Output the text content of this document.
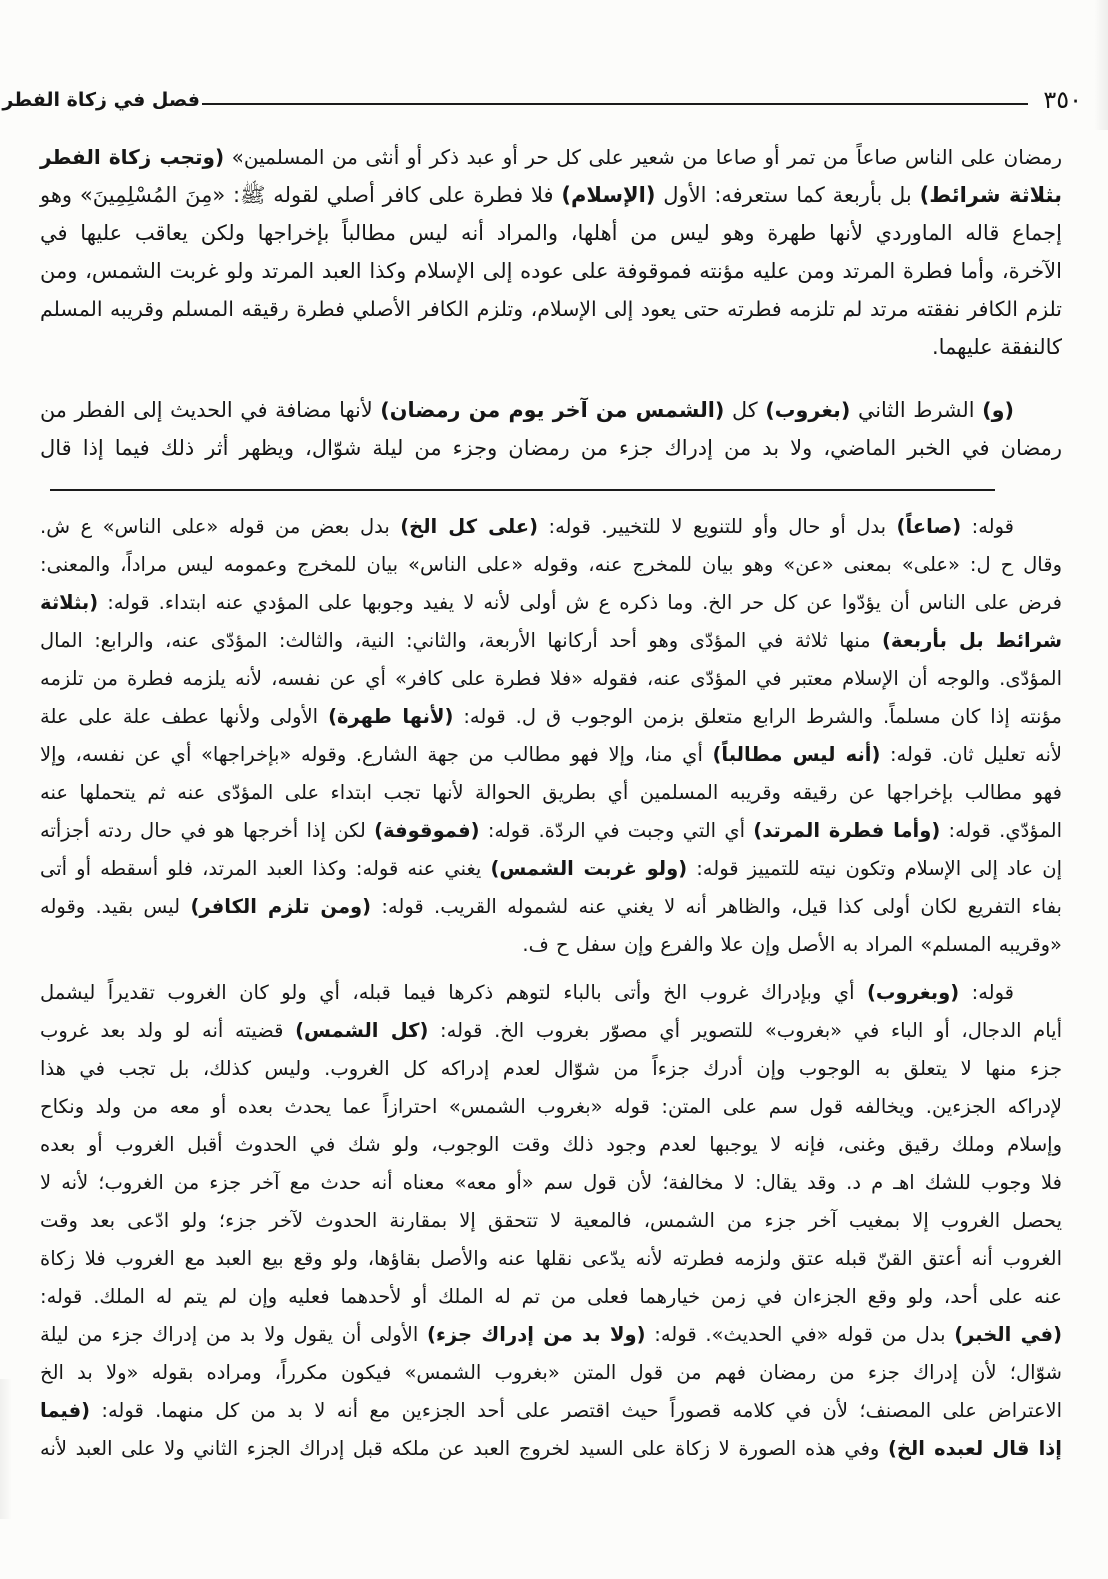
٣٥٠
فصل في زكاة الفطر
رمضان على الناس صاعاً من تمر أو صاعا من شعير على كل حر أو عبد ذكر أو أنثى من المسلمين» (وتجب زكاة الفطر
بثلاثة شرائط) بل بأربعة كما ستعرفه: الأول (الإسلام) فلا فطرة على كافر أصلي لقوله ﷺ: «مِنَ المُسْلِمِينَ» وهو
إجماع قاله الماوردي لأنها طهرة وهو ليس من أهلها، والمراد أنه ليس مطالباً بإخراجها ولكن يعاقب عليها في
الآخرة، وأما فطرة المرتد ومن عليه مؤنته فموقوفة على عوده إلى الإسلام وكذا العبد المرتد ولو غربت الشمس، ومن
تلزم الكافر نفقته مرتد لم تلزمه فطرته حتى يعود إلى الإسلام، وتلزم الكافر الأصلي فطرة رقيقه المسلم وقريبه المسلم
كالنفقة عليهما.
(و) الشرط الثاني (بغروب) كل (الشمس من آخر يوم من رمضان) لأنها مضافة في الحديث إلى الفطر من
رمضان في الخبر الماضي، ولا بد من إدراك جزء من رمضان وجزء من ليلة شوّال، ويظهر أثر ذلك فيما إذا قال
قوله: (صاعاً) بدل أو حال وأو للتنويع لا للتخيير. قوله: (على كل الخ) بدل بعض من قوله «على الناس» ع ش.
وقال ح ل: «على» بمعنى «عن» وهو بيان للمخرج عنه، وقوله «على الناس» بيان للمخرج وعمومه ليس مراداً، والمعنى:
فرض على الناس أن يؤدّوا عن كل حر الخ. وما ذكره ع ش أولى لأنه لا يفيد وجوبها على المؤدي عنه ابتداء. قوله: (بثلاثة
شرائط بل بأربعة) منها ثلاثة في المؤدّى وهو أحد أركانها الأربعة، والثاني: النية، والثالث: المؤدّى عنه، والرابع: المال
المؤدّى. والوجه أن الإسلام معتبر في المؤدّى عنه، فقوله «فلا فطرة على كافر» أي عن نفسه، لأنه يلزمه فطرة من تلزمه
مؤنته إذا كان مسلماً. والشرط الرابع متعلق بزمن الوجوب ق ل. قوله: (لأنها طهرة) الأولى ولأنها عطف علة على علة
لأنه تعليل ثان. قوله: (أنه ليس مطالباً) أي منا، وإلا فهو مطالب من جهة الشارع. وقوله «بإخراجها» أي عن نفسه، وإلا
فهو مطالب بإخراجها عن رقيقه وقريبه المسلمين أي بطريق الحوالة لأنها تجب ابتداء على المؤدّى عنه ثم يتحملها عنه
المؤدّي. قوله: (وأما فطرة المرتد) أي التي وجبت في الردّة. قوله: (فموقوفة) لكن إذا أخرجها هو في حال ردته أجزأته
إن عاد إلى الإسلام وتكون نيته للتمييز قوله: (ولو غربت الشمس) يغني عنه قوله: وكذا العبد المرتد، فلو أسقطه أو أتى
بفاء التفريع لكان أولى كذا قيل، والظاهر أنه لا يغني عنه لشموله القريب. قوله: (ومن تلزم الكافر) ليس بقيد. وقوله
«وقريبه المسلم» المراد به الأصل وإن علا والفرع وإن سفل ح ف.
قوله: (وبغروب) أي وبإدراك غروب الخ وأتى بالباء لتوهم ذكرها فيما قبله، أي ولو كان الغروب تقديراً ليشمل
أيام الدجال، أو الباء في «بغروب» للتصوير أي مصوّر بغروب الخ. قوله: (كل الشمس) قضيته أنه لو ولد بعد غروب
جزء منها لا يتعلق به الوجوب وإن أدرك جزءاً من شوّال لعدم إدراكه كل الغروب. وليس كذلك، بل تجب في هذا
لإدراكه الجزءين. ويخالفه قول سم على المتن: قوله «بغروب الشمس» احترازاً عما يحدث بعده أو معه من ولد ونكاح
وإسلام وملك رقيق وغنى، فإنه لا يوجبها لعدم وجود ذلك وقت الوجوب، ولو شك في الحدوث أقبل الغروب أو بعده
فلا وجوب للشك اهـ م د. وقد يقال: لا مخالفة؛ لأن قول سم «أو معه» معناه أنه حدث مع آخر جزء من الغروب؛ لأنه لا
يحصل الغروب إلا بمغيب آخر جزء من الشمس، فالمعية لا تتحقق إلا بمقارنة الحدوث لآخر جزء؛ ولو ادّعى بعد وقت
الغروب أنه أعتق القنّ قبله عتق ولزمه فطرته لأنه يدّعى نقلها عنه والأصل بقاؤها، ولو وقع بيع العبد مع الغروب فلا زكاة
عنه على أحد، ولو وقع الجزءان في زمن خيارهما فعلى من تم له الملك أو لأحدهما فعليه وإن لم يتم له الملك. قوله:
(في الخبر) بدل من قوله «في الحديث». قوله: (ولا بد من إدراك جزء) الأولى أن يقول ولا بد من إدراك جزء من ليلة
شوّال؛ لأن إدراك جزء من رمضان فهم من قول المتن «بغروب الشمس» فيكون مكرراً، ومراده بقوله «ولا بد الخ
الاعتراض على المصنف؛ لأن في كلامه قصوراً حيث اقتصر على أحد الجزءين مع أنه لا بد من كل منهما. قوله: (فيما
إذا قال لعبده الخ) وفي هذه الصورة لا زكاة على السيد لخروج العبد عن ملكه قبل إدراك الجزء الثاني ولا على العبد لأنه
